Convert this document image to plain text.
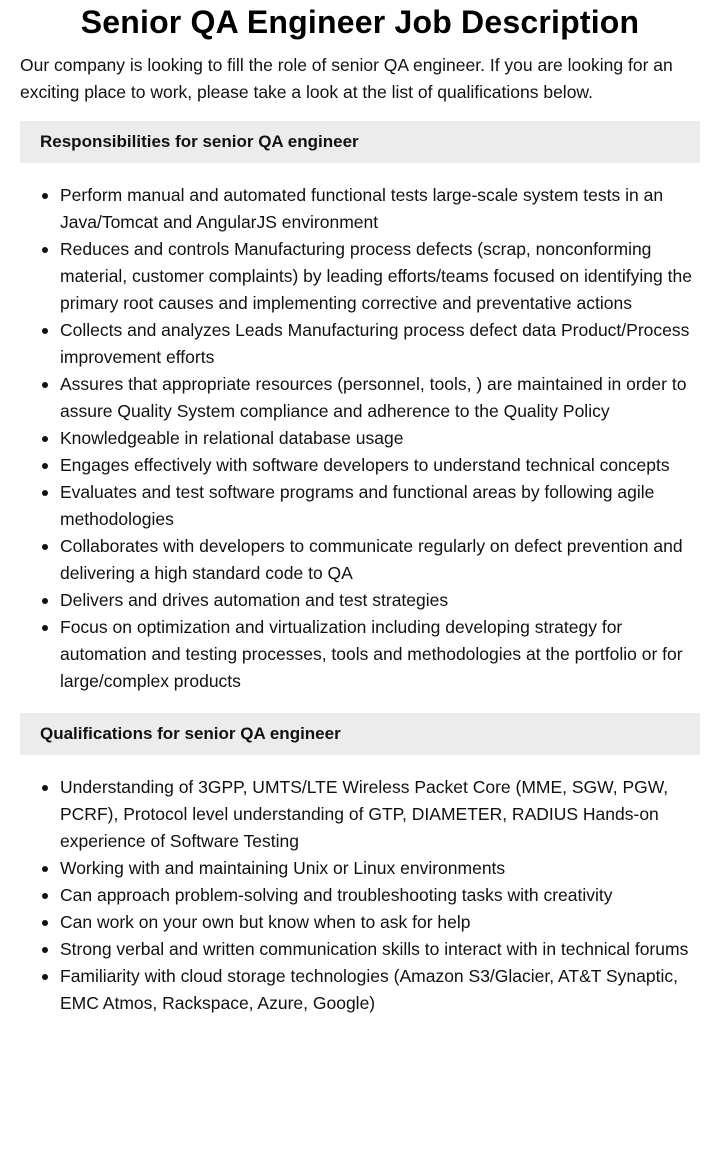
Senior QA Engineer Job Description

Our company is looking to fill the role of senior QA engineer. If you are looking for an exciting place to work, please take a look at the list of qualifications below.

Responsibilities for senior QA engineer
Perform manual and automated functional tests large-scale system tests in an Java/Tomcat and AngularJS environment
Reduces and controls Manufacturing process defects (scrap, nonconforming material, customer complaints) by leading efforts/teams focused on identifying the primary root causes and implementing corrective and preventative actions
Collects and analyzes Leads Manufacturing process defect data Product/Process improvement efforts
Assures that appropriate resources (personnel, tools, ) are maintained in order to assure Quality System compliance and adherence to the Quality Policy
Knowledgeable in relational database usage
Engages effectively with software developers to understand technical concepts
Evaluates and test software programs and functional areas by following agile methodologies
Collaborates with developers to communicate regularly on defect prevention and delivering a high standard code to QA
Delivers and drives automation and test strategies
Focus on optimization and virtualization including developing strategy for automation and testing processes, tools and methodologies at the portfolio or for large/complex products
Qualifications for senior QA engineer
Understanding of 3GPP, UMTS/LTE Wireless Packet Core (MME, SGW, PGW, PCRF), Protocol level understanding of GTP, DIAMETER, RADIUS Hands-on experience of Software Testing
Working with and maintaining Unix or Linux environments
Can approach problem-solving and troubleshooting tasks with creativity
Can work on your own but know when to ask for help
Strong verbal and written communication skills to interact with in technical forums
Familiarity with cloud storage technologies (Amazon S3/Glacier, AT&T Synaptic, EMC Atmos, Rackspace, Azure, Google)
